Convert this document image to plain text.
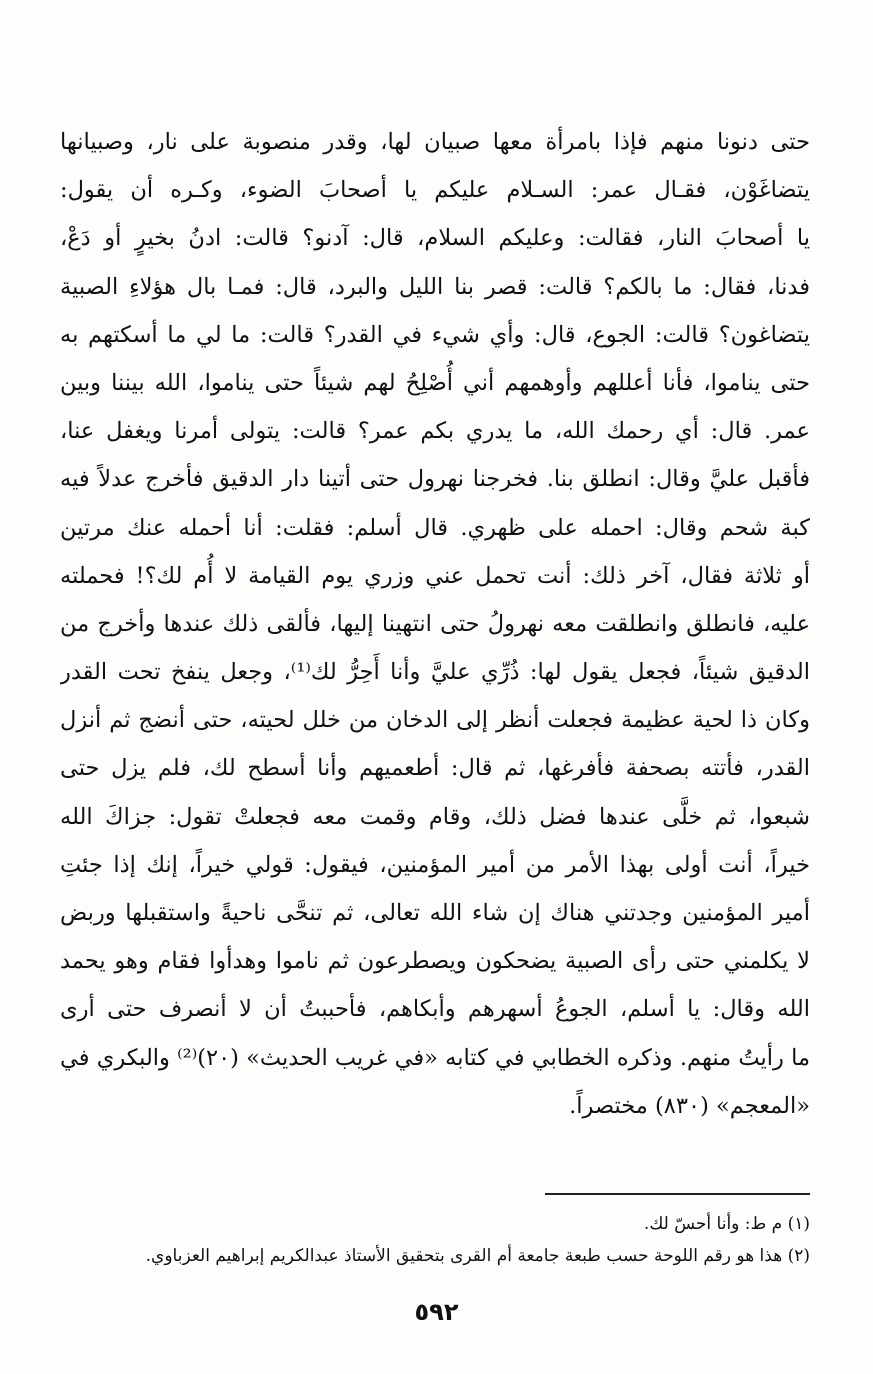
حتى دنونا منهم فإذا بامرأة معها صبيان لها، وقدر منصوبة على نار، وصبيانها
يتضاغَوْن، فقـال عمر: السـلام عليكم يا أصحابَ الضوء، وكـره أن يقول:
يا أصحابَ النار، فقالت: وعليكم السلام، قال: آدنو؟ قالت: ادنُ بخيرٍ أو دَعْ،
فدنا، فقال: ما بالكم؟ قالت: قصر بنا الليل والبرد، قال: فمـا بال هؤلاءِ الصبية
يتضاغون؟ قالت: الجوع، قال: وأي شيء في القدر؟ قالت: ما لي ما أسكتهم به
حتى يناموا، فأنا أعللهم وأوهمهم أني أُصْلِحُ لهم شيئاً حتى يناموا، الله بيننا وبين
عمر. قال: أي رحمك الله، ما يدري بكم عمر؟ قالت: يتولى أمرنا ويغفل عنا،
فأقبل عليَّ وقال: انطلق بنا. فخرجنا نهرول حتى أتينا دار الدقيق فأخرج عدلاً فيه
كبة شحم وقال: احمله على ظهري. قال أسلم: فقلت: أنا أحمله عنك مرتين
أو ثلاثة فقال، آخر ذلك: أنت تحمل عني وزري يوم القيامة لا أُم لك؟! فحملته
عليه، فانطلق وانطلقت معه نهرولُ حتى انتهينا إليها، فألقى ذلك عندها وأخرج من
الدقيق شيئاً، فجعل يقول لها: ذُرِّي عليَّ وأنا أَحِرُّ لك⁽¹⁾، وجعل ينفخ تحت القدر
وكان ذا لحية عظيمة فجعلت أنظر إلى الدخان من خلل لحيته، حتى أنضج ثم أنزل
القدر، فأتته بصحفة فأفرغها، ثم قال: أطعميهم وأنا أسطح لك، فلم يزل حتى
شبعوا، ثم خلَّى عندها فضل ذلك، وقام وقمت معه فجعلتْ تقول: جزاكَ الله
خيراً، أنت أولى بهذا الأمر من أمير المؤمنين، فيقول: قولي خيراً، إنك إذا جئتِ
أمير المؤمنين وجدتني هناك إن شاء الله تعالى، ثم تنحَّى ناحيةً واستقبلها وربض
لا يكلمني حتى رأى الصبية يضحكون ويصطرعون ثم ناموا وهدأوا فقام وهو يحمد
الله وقال: يا أسلم، الجوعُ أسهرهم وأبكاهم، فأحببتُ أن لا أنصرف حتى أرى
ما رأيتُ منهم. وذكره الخطابي في كتابه «في غريب الحديث» (٢٠)⁽²⁾ والبكري في
«المعجم» (٨٣٠) مختصراً.
(١) م ط: وأنا أحسّ لك.
(٢) هذا هو رقم اللوحة حسب طبعة جامعة أم القرى بتحقيق الأستاذ عبدالكريم إبراهيم العزباوي.
٥٩٢
